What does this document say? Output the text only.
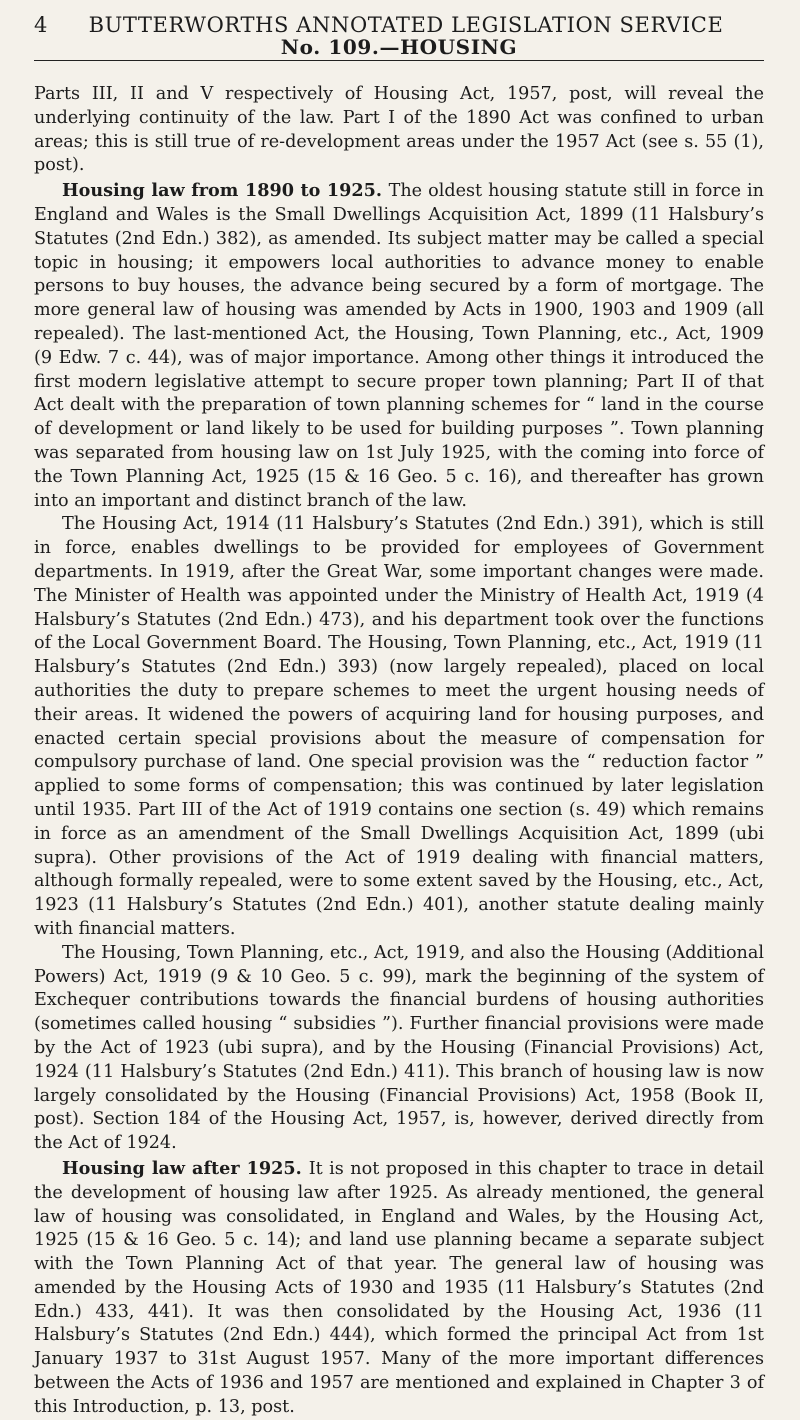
4	BUTTERWORTHS ANNOTATED LEGISLATION SERVICE
No. 109.—HOUSING

Parts III, II and V respectively of Housing Act, 1957, post, will reveal the underlying continuity of the law. Part I of the 1890 Act was confined to urban areas; this is still true of re-development areas under the 1957 Act (see s. 55 (1), post).

Housing law from 1890 to 1925. The oldest housing statute still in force in England and Wales is the Small Dwellings Acquisition Act, 1899 (11 Halsbury’s Statutes (2nd Edn.) 382), as amended. Its subject matter may be called a special topic in housing; it empowers local authorities to advance money to enable persons to buy houses, the advance being secured by a form of mortgage. The more general law of housing was amended by Acts in 1900, 1903 and 1909 (all repealed). The last-mentioned Act, the Housing, Town Planning, etc., Act, 1909 (9 Edw. 7 c. 44), was of major importance. Among other things it introduced the first modern legislative attempt to secure proper town planning; Part II of that Act dealt with the preparation of town planning schemes for “ land in the course of development or land likely to be used for building purposes ”. Town planning was separated from housing law on 1st July 1925, with the coming into force of the Town Planning Act, 1925 (15 & 16 Geo. 5 c. 16), and thereafter has grown into an important and distinct branch of the law.

The Housing Act, 1914 (11 Halsbury’s Statutes (2nd Edn.) 391), which is still in force, enables dwellings to be provided for employees of Government departments. In 1919, after the Great War, some important changes were made. The Minister of Health was appointed under the Ministry of Health Act, 1919 (4 Halsbury’s Statutes (2nd Edn.) 473), and his department took over the functions of the Local Government Board. The Housing, Town Planning, etc., Act, 1919 (11 Halsbury’s Statutes (2nd Edn.) 393) (now largely repealed), placed on local authorities the duty to prepare schemes to meet the urgent housing needs of their areas. It widened the powers of acquiring land for housing purposes, and enacted certain special provisions about the measure of compensation for compulsory purchase of land. One special provision was the “ reduction factor ” applied to some forms of compensation; this was continued by later legislation until 1935. Part III of the Act of 1919 contains one section (s. 49) which remains in force as an amendment of the Small Dwellings Acquisition Act, 1899 (ubi supra). Other provisions of the Act of 1919 dealing with financial matters, although formally repealed, were to some extent saved by the Housing, etc., Act, 1923 (11 Halsbury’s Statutes (2nd Edn.) 401), another statute dealing mainly with financial matters.

The Housing, Town Planning, etc., Act, 1919, and also the Housing (Additional Powers) Act, 1919 (9 & 10 Geo. 5 c. 99), mark the beginning of the system of Exchequer contributions towards the financial burdens of housing authorities (sometimes called housing “ subsidies ”). Further financial provisions were made by the Act of 1923 (ubi supra), and by the Housing (Financial Provisions) Act, 1924 (11 Halsbury’s Statutes (2nd Edn.) 411). This branch of housing law is now largely consolidated by the Housing (Financial Provisions) Act, 1958 (Book II, post). Section 184 of the Housing Act, 1957, is, however, derived directly from the Act of 1924.

Housing law after 1925. It is not proposed in this chapter to trace in detail the development of housing law after 1925. As already mentioned, the general law of housing was consolidated, in England and Wales, by the Housing Act, 1925 (15 & 16 Geo. 5 c. 14); and land use planning became a separate subject with the Town Planning Act of that year. The general law of housing was amended by the Housing Acts of 1930 and 1935 (11 Halsbury’s Statutes (2nd Edn.) 433, 441). It was then consolidated by the Housing Act, 1936 (11 Halsbury’s Statutes (2nd Edn.) 444), which formed the principal Act from 1st January 1937 to 31st August 1957. Many of the more important differences between the Acts of 1936 and 1957 are mentioned and explained in Chapter 3 of this Introduction, p. 13, post.
